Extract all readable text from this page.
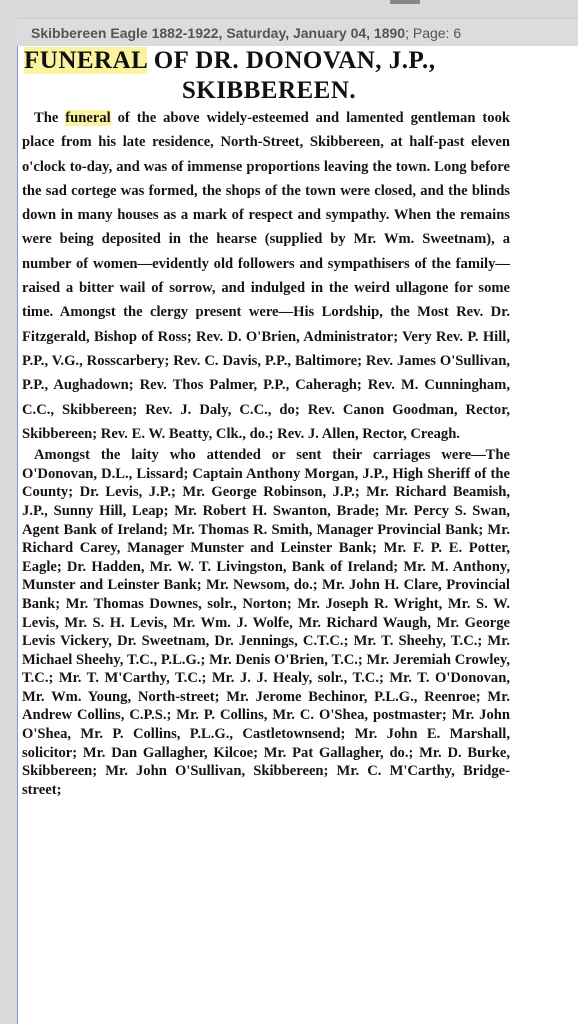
Skibbereen Eagle 1882-1922, Saturday, January 04, 1890; Page: 6
FUNERAL OF DR. DONOVAN, J.P.,
SKIBBEREEN.
The funeral of the above widely-esteemed and lamented gentleman took place from his late residence, North-Street, Skibbereen, at half-past eleven o'clock to-day, and was of immense proportions leaving the town. Long before the sad cortege was formed, the shops of the town were closed, and the blinds down in many houses as a mark of respect and sympathy. When the remains were being deposited in the hearse (supplied by Mr. Wm. Sweetnam), a number of women—evidently old followers and sympathisers of the family—raised a bitter wail of sorrow, and indulged in the weird ullagone for some time. Amongst the clergy present were—His Lordship, the Most Rev. Dr. Fitzgerald, Bishop of Ross; Rev. D. O'Brien, Administrator; Very Rev. P. Hill, P.P., V.G., Rosscarbery; Rev. C. Davis, P.P., Baltimore; Rev. James O'Sullivan, P.P., Aughadown; Rev. Thos Palmer, P.P., Caheragh; Rev. M. Cunningham, C.C., Skibbereen; Rev. J. Daly, C.C., do; Rev. Canon Goodman, Rector, Skibbereen; Rev. E. W. Beatty, Clk., do.; Rev. J. Allen, Rector, Creagh.
Amongst the laity who attended or sent their carriages were—The O'Donovan, D.L., Lissard; Captain Anthony Morgan, J.P., High Sheriff of the County; Dr. Levis, J.P.; Mr. George Robinson, J.P.; Mr. Richard Beamish, J.P., Sunny Hill, Leap; Mr. Robert H. Swanton, Brade; Mr. Percy S. Swan, Agent Bank of Ireland; Mr. Thomas R. Smith, Manager Provincial Bank; Mr. Richard Carey, Manager Munster and Leinster Bank; Mr. F. P. E. Potter, Eagle; Dr. Hadden, Mr. W. T. Livingston, Bank of Ireland; Mr. M. Anthony, Munster and Leinster Bank; Mr. Newsom, do.; Mr. John H. Clare, Provincial Bank; Mr. Thomas Downes, solr., Norton; Mr. Joseph R. Wright, Mr. S. W. Levis, Mr. S. H. Levis, Mr. Wm. J. Wolfe, Mr. Richard Waugh, Mr. George Levis Vickery, Dr. Sweetnam, Dr. Jennings, C.T.C.; Mr. T. Sheehy, T.C.; Mr. Michael Sheehy, T.C., P.L.G.; Mr. Denis O'Brien, T.C.; Mr. Jeremiah Crowley, T.C.; Mr. T. M'Carthy, T.C.; Mr. J. J. Healy, solr., T.C.; Mr. T. O'Donovan, Mr. Wm. Young, North-street; Mr. Jerome Bechinor, P.L.G., Reenroe; Mr. Andrew Collins, C.P.S.; Mr. P. Collins, Mr. C. O'Shea, postmaster; Mr. John O'Shea, Mr. P. Collins, P.L.G., Castletownsend; Mr. John E. Marshall, solicitor; Mr. Dan Gallagher, Kilcoe; Mr. Pat Gallagher, do.; Mr. D. Burke, Skibbereen; Mr. John O'Sullivan, Skibbereen; Mr. C. M'Carthy, Bridge-street;
